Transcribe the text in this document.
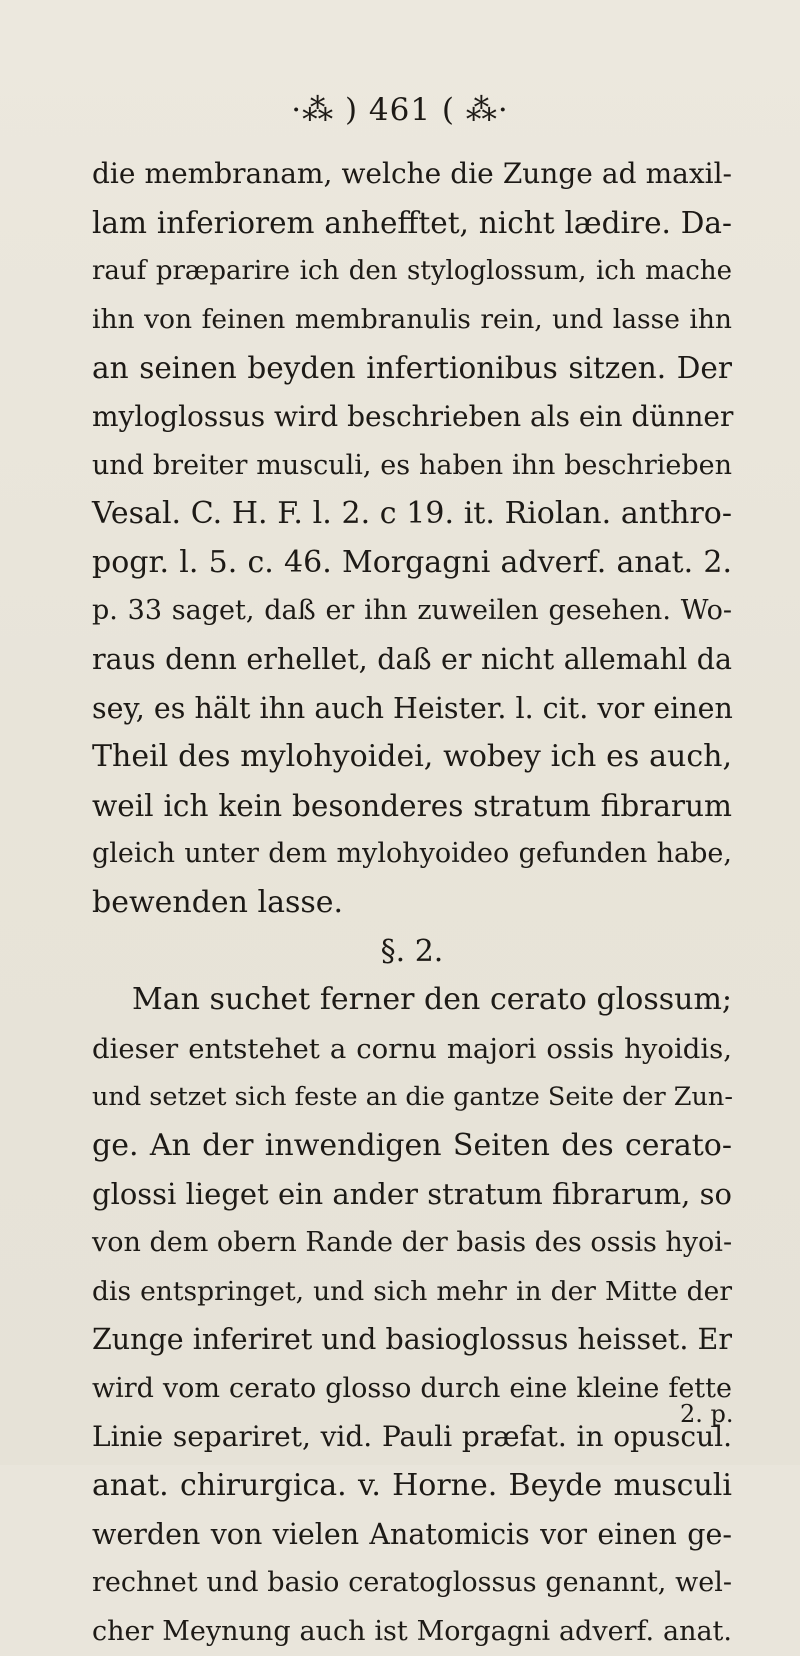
·⁂ ) 461 ( ⁂·
die membranam, welche die Zunge ad maxil-
lam inferiorem anhefftet, nicht lædire. Da-
rauf præparire ich den styloglossum, ich mache
ihn von feinen membranulis rein, und lasse ihn
an seinen beyden infertionibus sitzen. Der
myloglossus wird beschrieben als ein dünner
und breiter musculi, es haben ihn beschrieben
Vesal. C. H. F. l. 2. c 19. it. Riolan. anthro-
pogr. l. 5. c. 46. Morgagni adverf. anat. 2.
p. 33 saget, daß er ihn zuweilen gesehen. Wo-
raus denn erhellet, daß er nicht allemahl da
sey, es hält ihn auch Heister. l. cit. vor einen
Theil des mylohyoidei, wobey ich es auch,
weil ich kein besonderes stratum fibrarum
gleich unter dem mylohyoideo gefunden habe,
bewenden lasse.
§. 2.
Man suchet ferner den cerato glossum;
dieser entstehet a cornu majori ossis hyoidis,
und setzet sich feste an die gantze Seite der Zun-
ge. An der inwendigen Seiten des cerato-
glossi lieget ein ander stratum fibrarum, so
von dem obern Rande der basis des ossis hyoi-
dis entspringet, und sich mehr in der Mitte der
Zunge inferiret und basioglossus heisset. Er
wird vom cerato glosso durch eine kleine fette
Linie separiret, vid. Pauli præfat. in opuscul.
anat. chirurgica. v. Horne. Beyde musculi
werden von vielen Anatomicis vor einen ge-
rechnet und basio ceratoglossus genannt, wel-
cher Meynung auch ist Morgagni adverf. anat.
2. p.
